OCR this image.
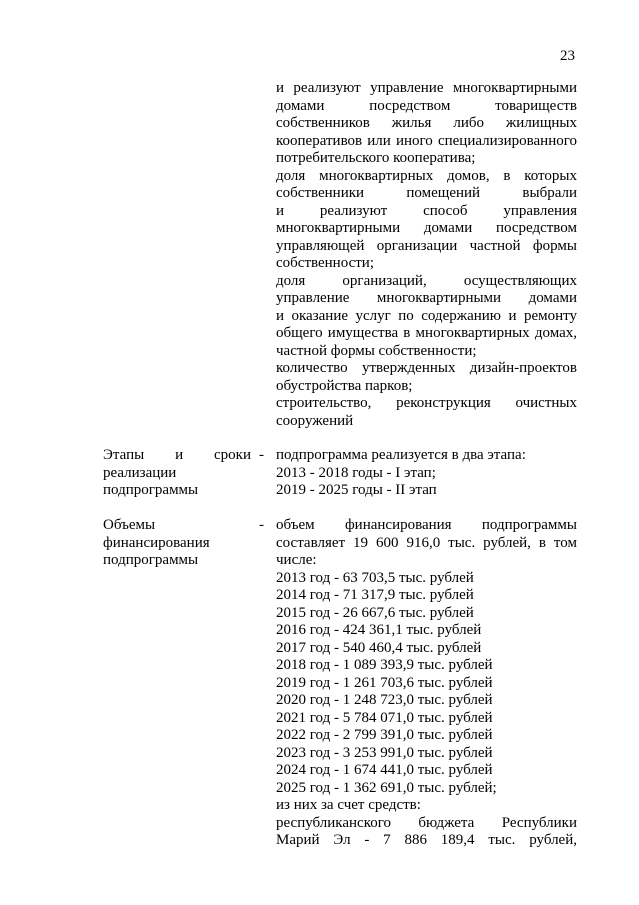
23
и реализуют управление многоквартирными
домами посредством товариществ
собственников жилья либо жилищных
кооперативов или иного специализированного
потребительского кооператива;
доля многоквартирных домов, в которых
собственники помещений выбрали
и реализуют способ управления
многоквартирными домами посредством
управляющей организации частной формы
собственности;
доля организаций, осуществляющих
управление многоквартирными домами
и оказание услуг по содержанию и ремонту
общего имущества в многоквартирных домах,
частной формы собственности;
количество утвержденных дизайн-проектов
обустройства парков;
строительство, реконструкция очистных
сооружений
Этапы и сроки
реализации
подпрограммы
- подпрограмма реализуется в два этапа:
2013 - 2018 годы - I этап;
2019 - 2025 годы - II этап
Объемы
финансирования
подпрограммы
- объем финансирования подпрограммы
составляет 19 600 916,0 тыс. рублей, в том
числе:
2013 год - 63 703,5 тыс. рублей
2014 год - 71 317,9 тыс. рублей
2015 год - 26 667,6 тыс. рублей
2016 год - 424 361,1 тыс. рублей
2017 год - 540 460,4 тыс. рублей
2018 год - 1 089 393,9 тыс. рублей
2019 год - 1 261 703,6 тыс. рублей
2020 год - 1 248 723,0 тыс. рублей
2021 год - 5 784 071,0 тыс. рублей
2022 год - 2 799 391,0 тыс. рублей
2023 год - 3 253 991,0 тыс. рублей
2024 год - 1 674 441,0 тыс. рублей
2025 год - 1 362 691,0 тыс. рублей;
из них за счет средств:
республиканского бюджета Республики
Марий Эл - 7 886 189,4 тыс. рублей,
